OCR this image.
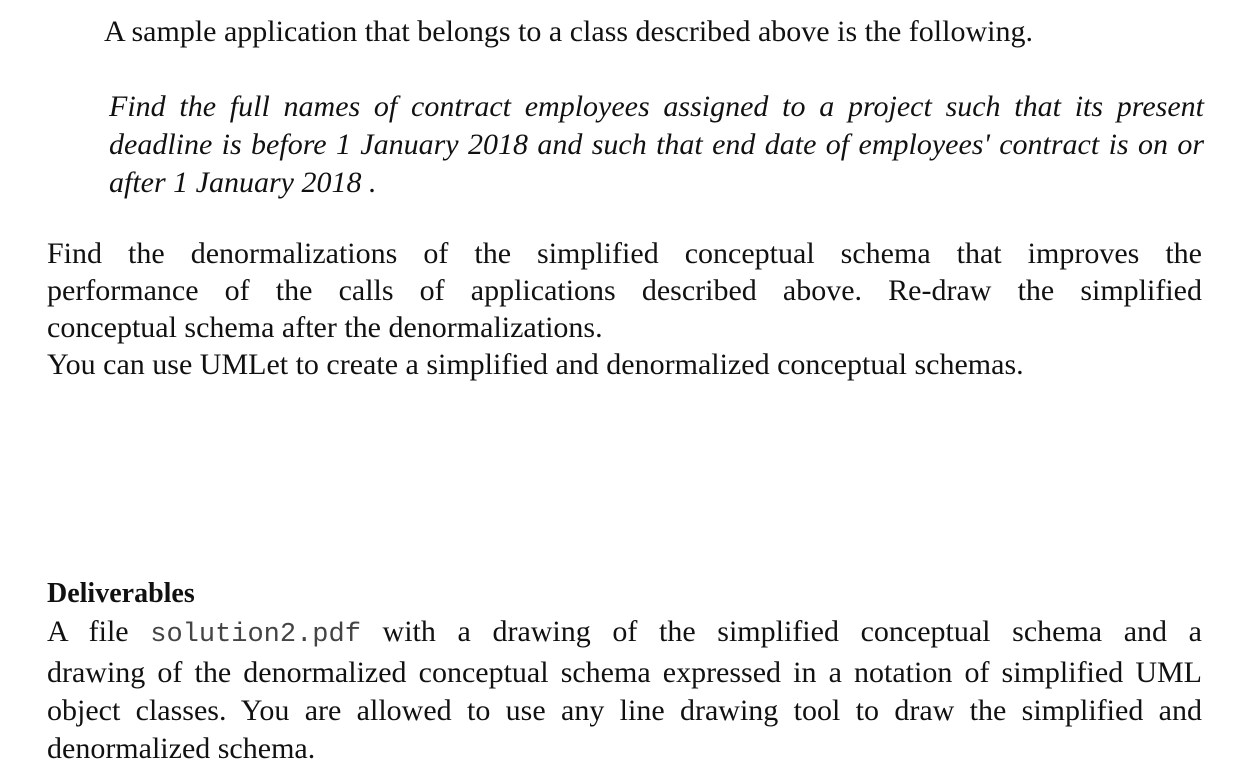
A sample application that belongs to a class described above is the following.

Find the full names of contract employees assigned to a project such that its present deadline is before 1 January 2018 and such that end date of employees' contract is on or after 1 January 2018 .

Find the denormalizations of the simplified conceptual schema that improves the
performance of the calls of applications described above. Re-draw the simplified
conceptual schema after the denormalizations.

You can use UMLet to create a simplified and denormalized conceptual schemas.

Deliverables
A file solution2.pdf with a drawing of the simplified conceptual schema and a
drawing of the denormalized conceptual schema expressed in a notation of simplified UML
object classes. You are allowed to use any line drawing tool to draw the simplified and
denormalized schema.
